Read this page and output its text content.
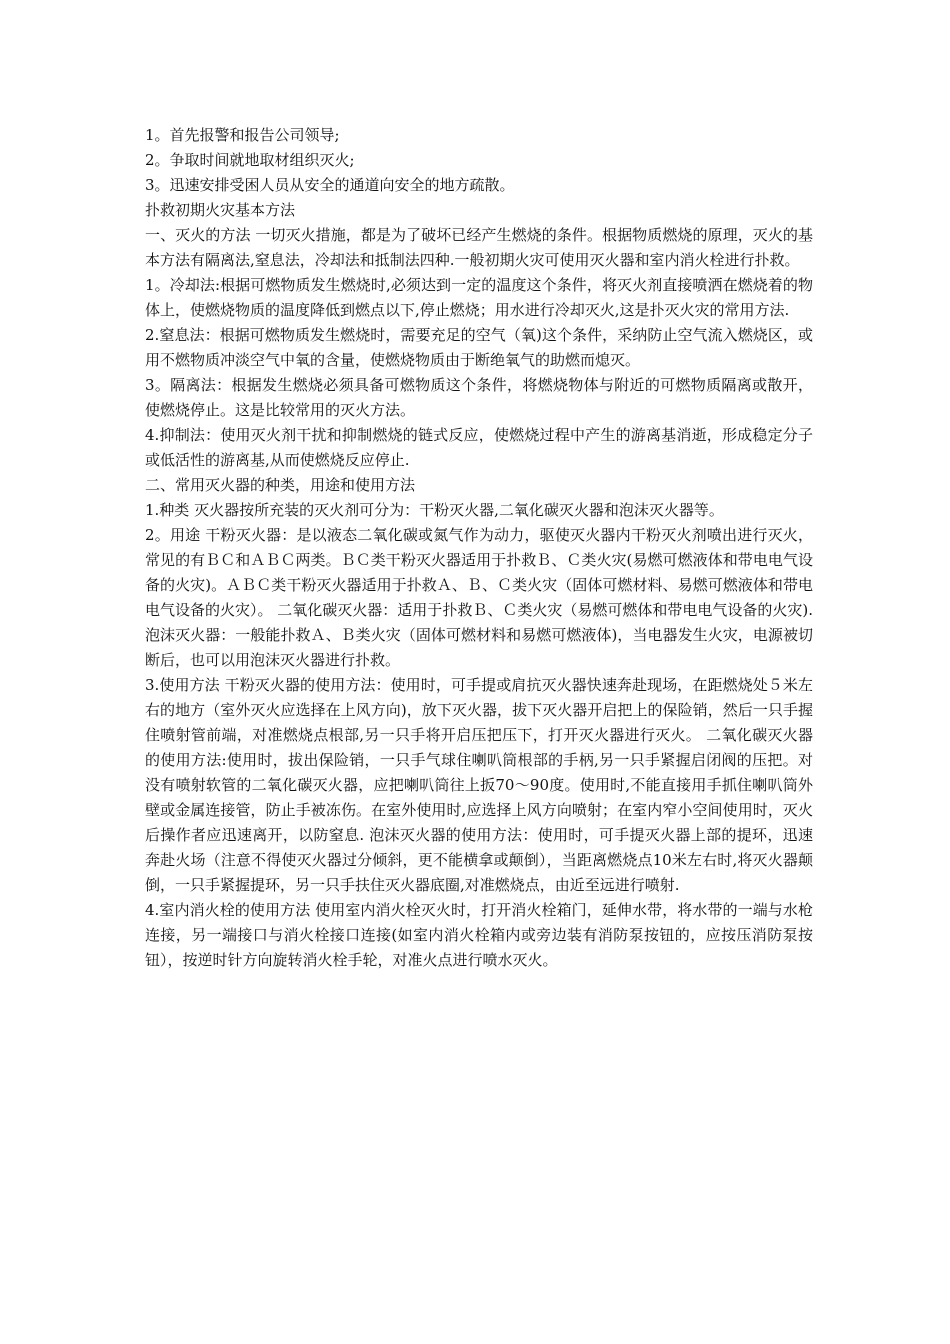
1。首先报警和报告公司领导;

2。争取时间就地取材组织灭火;

3。迅速安排受困人员从安全的通道向安全的地方疏散。

扑救初期火灾基本方法

一、灭火的方法 一切灭火措施，都是为了破坏已经产生燃烧的条件。根据物质燃烧的原理，灭火的基本方法有隔离法,窒息法，冷却法和抵制法四种.一般初期火灾可使用灭火器和室内消火栓进行扑救。

1。冷却法:根据可燃物质发生燃烧时,必须达到一定的温度这个条件，将灭火剂直接喷洒在燃烧着的物体上，使燃烧物质的温度降低到燃点以下,停止燃烧；用水进行冷却灭火,这是扑灭火灾的常用方法.

2.窒息法：根据可燃物质发生燃烧时，需要充足的空气（氧)这个条件，采纳防止空气流入燃烧区，或用不燃物质冲淡空气中氧的含量，使燃烧物质由于断绝氧气的助燃而熄灭。

3。隔离法：根据发生燃烧必须具备可燃物质这个条件，将燃烧物体与附近的可燃物质隔离或散开，使燃烧停止。这是比较常用的灭火方法。

4.抑制法：使用灭火剂干扰和抑制燃烧的链式反应，使燃烧过程中产生的游离基消逝，形成稳定分子或低活性的游离基,从而使燃烧反应停止.

二、常用灭火器的种类，用途和使用方法

1.种类 灭火器按所充装的灭火剂可分为：干粉灭火器,二氧化碳灭火器和泡沫灭火器等。

2。用途 干粉灭火器：是以液态二氧化碳或氮气作为动力，驱使灭火器内干粉灭火剂喷出进行灭火，常见的有ＢＣ和ＡＢＣ两类。ＢＣ类干粉灭火器适用于扑救Ｂ、Ｃ类火灾(易燃可燃液体和带电电气设备的火灾)。ＡＢＣ类干粉灭火器适用于扑救Ａ、Ｂ、Ｃ类火灾（固体可燃材料、易燃可燃液体和带电电气设备的火灾）。 二氧化碳灭火器：适用于扑救Ｂ、Ｃ类火灾（易燃可燃体和带电电气设备的火灾). 泡沫灭火器：一般能扑救Ａ、Ｂ类火灾（固体可燃材料和易燃可燃液体)，当电器发生火灾，电源被切断后，也可以用泡沫灭火器进行扑救。

3.使用方法 干粉灭火器的使用方法：使用时，可手提或肩抗灭火器快速奔赴现场，在距燃烧处５米左右的地方（室外灭火应选择在上风方向)，放下灭火器，拔下灭火器开启把上的保险销，然后一只手握住喷射管前端，对准燃烧点根部,另一只手将开启压把压下，打开灭火器进行灭火。 二氧化碳灭火器的使用方法:使用时，拔出保险销，一只手气球住喇叭筒根部的手柄,另一只手紧握启闭阀的压把。对没有喷射软管的二氧化碳灭火器，应把喇叭筒往上扳70～90度。使用时,不能直接用手抓住喇叭筒外壁或金属连接管，防止手被冻伤。在室外使用时,应选择上风方向喷射；在室内窄小空间使用时，灭火后操作者应迅速离开，以防窒息. 泡沫灭火器的使用方法：使用时，可手提灭火器上部的提环，迅速奔赴火场（注意不得使灭火器过分倾斜，更不能横拿或颠倒），当距离燃烧点10米左右时,将灭火器颠倒，一只手紧握提环，另一只手扶住灭火器底圈,对准燃烧点，由近至远进行喷射.

4.室内消火栓的使用方法 使用室内消火栓灭火时，打开消火栓箱门，延伸水带，将水带的一端与水枪连接，另一端接口与消火栓接口连接(如室内消火栓箱内或旁边装有消防泵按钮的，应按压消防泵按钮），按逆时针方向旋转消火栓手轮，对准火点进行喷水灭火。
